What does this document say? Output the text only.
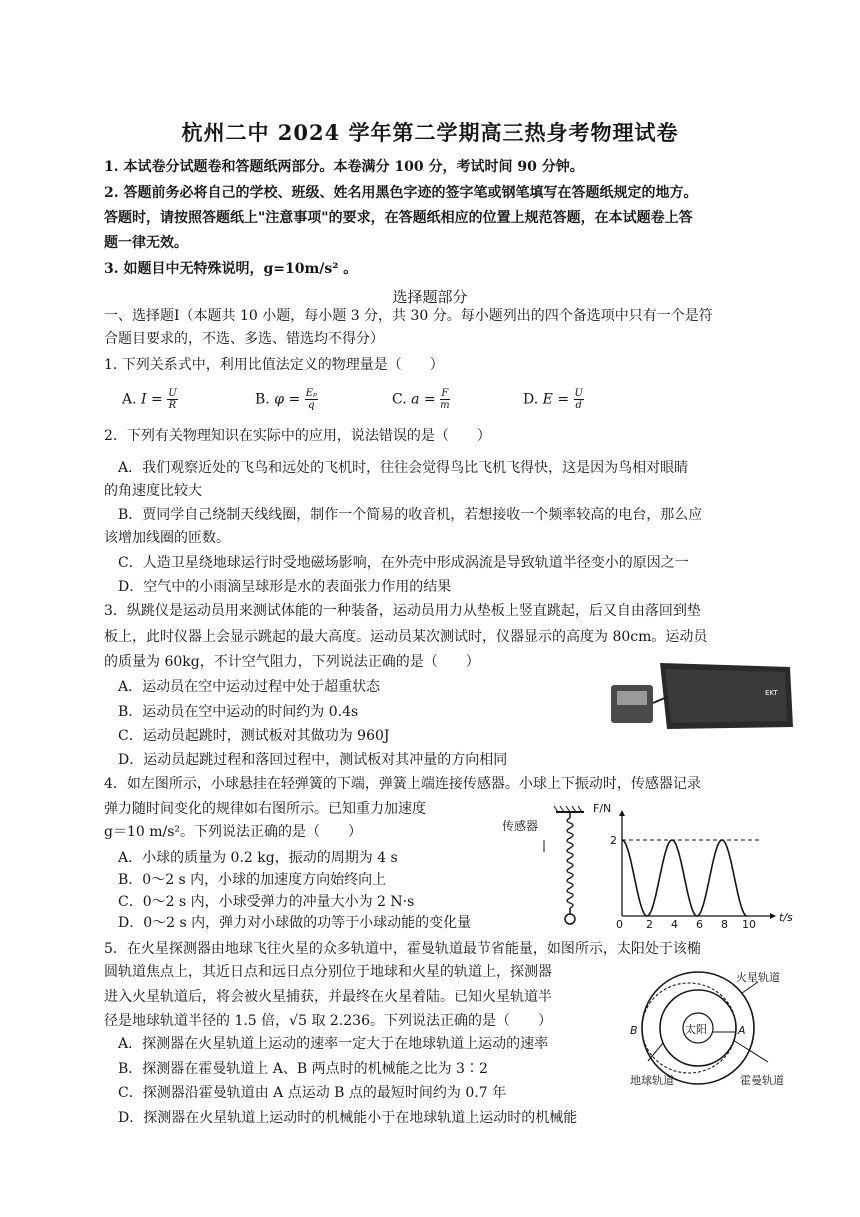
杭州二中 2024 学年第二学期高三热身考物理试卷
1. 本试卷分试题卷和答题纸两部分。本卷满分 100 分，考试时间 90 分钟。
2. 答题前务必将自己的学校、班级、姓名用黑色字迹的签字笔或钢笔填写在答题纸规定的地方。
答题时，请按照答题纸上"注意事项"的要求，在答题纸相应的位置上规范答题，在本试题卷上答
题一律无效。
3. 如题目中无特殊说明，g=10m/s² 。
选择题部分
一、选择题Ⅰ（本题共 10 小题，每小题 3 分，共 30 分。每小题列出的四个备选项中只有一个是符
合题目要求的，不选、多选、错选均不得分）
1. 下列关系式中，利用比值法定义的物理量是（　　）
A. $I = \frac{U}{R}$	B. $\varphi = \frac{\text{Eₚ}}{q}$	C. $a = \frac{F}{m}$	D. $E = \frac{U}{d}$
2．下列有关物理知识在实际中的应用，说法错误的是（　　）
　A．我们观察近处的飞鸟和远处的飞机时，往往会觉得鸟比飞机飞得快，这是因为鸟相对眼睛
的角速度比较大
　B．贾同学自己绕制天线线圈，制作一个简易的收音机，若想接收一个频率较高的电台，那么应
该增加线圈的匝数。
　C．人造卫星绕地球运行时受地磁场影响，在外壳中形成涡流是导致轨道半径变小的原因之一
　D．空气中的小雨滴呈球形是水的表面张力作用的结果
3．纵跳仪是运动员用来测试体能的一种装备，运动员用力从垫板上竖直跳起，后又自由落回到垫
板上，此时仪器上会显示跳起的最大高度。运动员某次测试时，仪器显示的高度为 80cm。运动员
的质量为 60kg，不计空气阻力，下列说法正确的是（　　）
A．运动员在空中运动过程中处于超重状态
B．运动员在空中运动的时间约为 0.4s
C．运动员起跳时，测试板对其做功为 960J
D．运动员起跳过程和落回过程中，测试板对其冲量的方向相同
EKT
4．如左图所示，小球悬挂在轻弹簧的下端，弹簧上端连接传感器。小球上下振动时，传感器记录
弹力随时间变化的规律如右图所示。已知重力加速度
g＝10 m/s²。下列说法正确的是（　　）
A．小球的质量为 0.2 kg，振动的周期为 4 s
B．0～2 s 内，小球的加速度方向始终向上
C．0～2 s 内，小球受弹力的冲量大小为 2 N·s
D．0～2 s 内，弹力对小球做的功等于小球动能的变化量
传感器
F/N
t/s
2
0 2 4 6 8 10
5．在火星探测器由地球飞往火星的众多轨道中，霍曼轨道最节省能量，如图所示，太阳处于该椭
圆轨道焦点上，其近日点和远日点分别位于地球和火星的轨道上，探测器
进入火星轨道后，将会被火星捕获，并最终在火星着陆。已知火星轨道半
径是地球轨道半径的 1.5 倍，√5 取 2.236。下列说法正确的是（　　）
A．探测器在火星轨道上运动的速率一定大于在地球轨道上运动的速率
B．探测器在霍曼轨道上 A、B 两点时的机械能之比为 3∶2
C．探测器沿霍曼轨道由 A 点运动 B 点的最短时间约为 0.7 年
D．探测器在火星轨道上运动时的机械能小于在地球轨道上运动时的机械能
太阳
火星轨道
地球轨道	霍曼轨道
A
B
